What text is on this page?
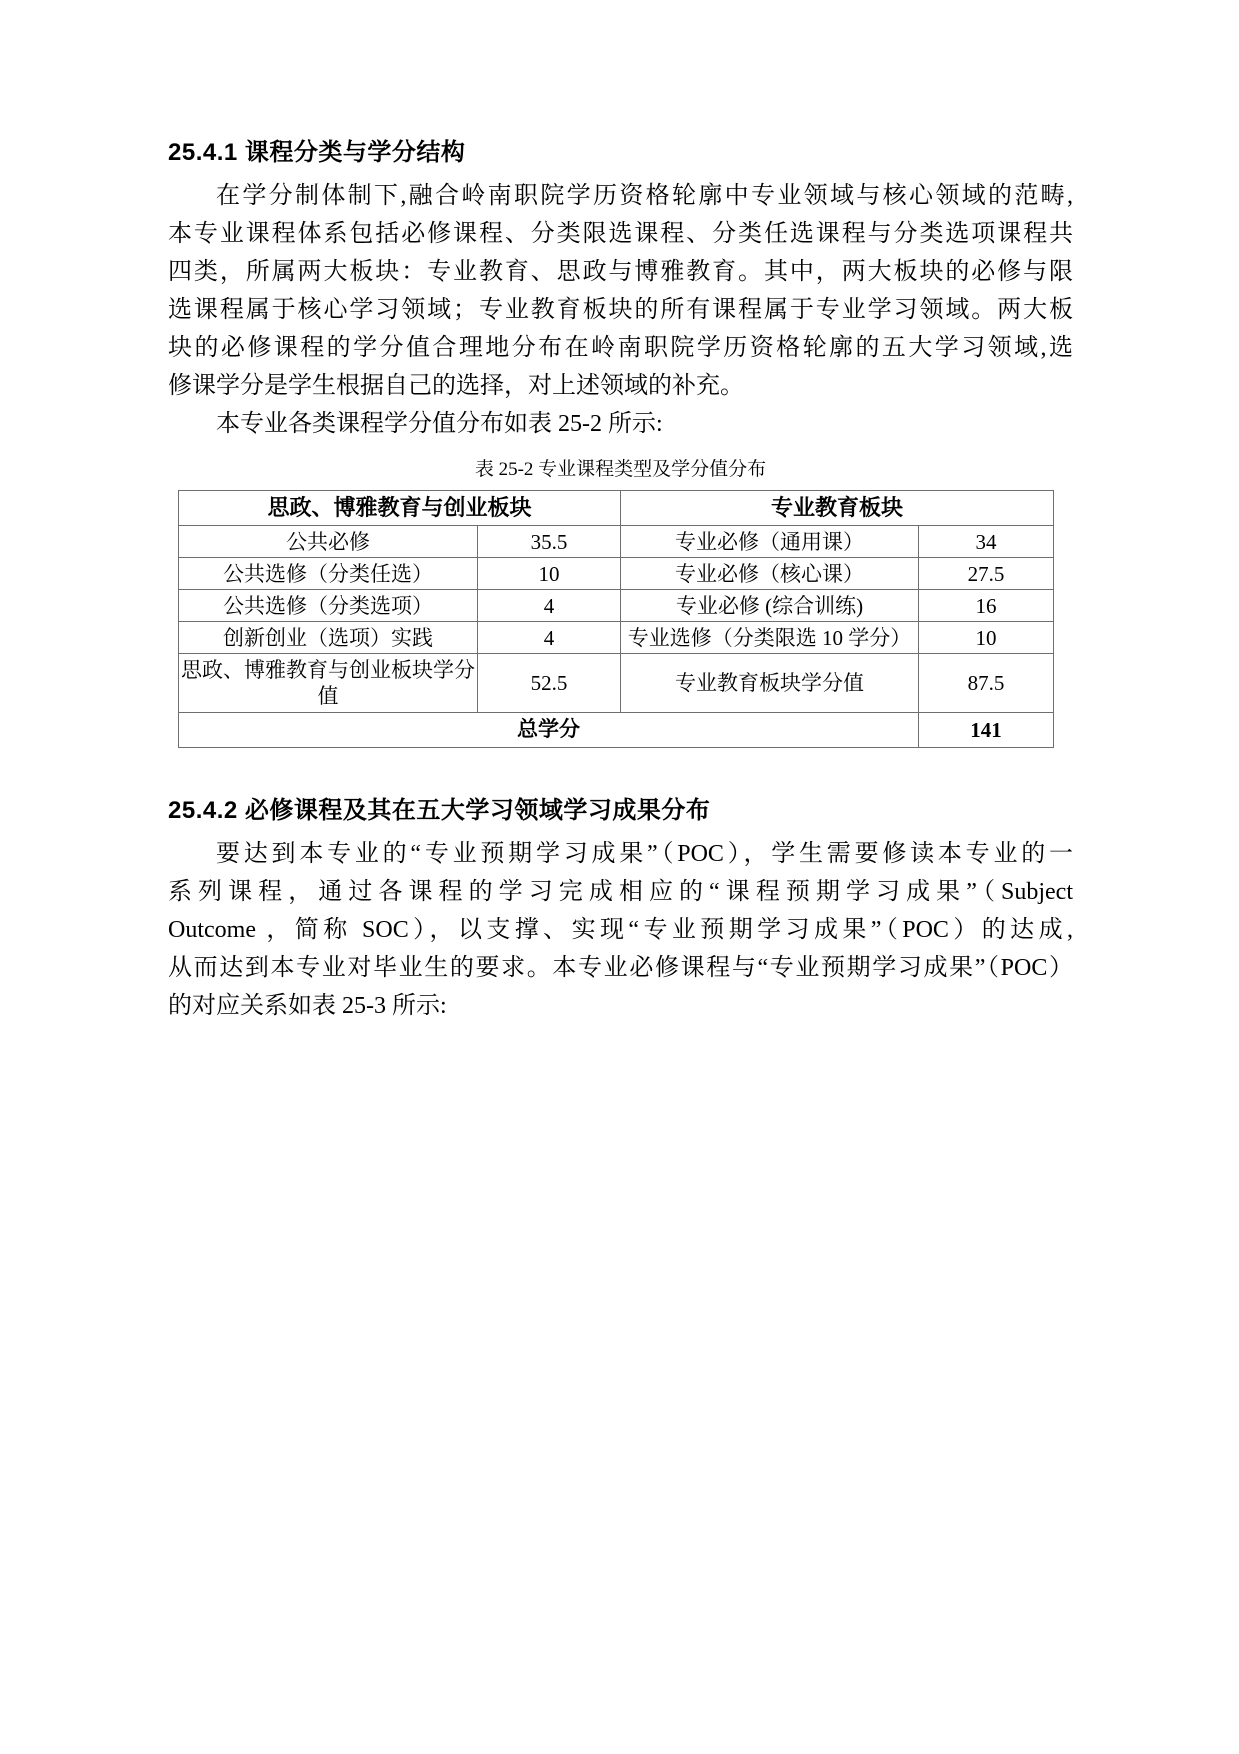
25.4.1 课程分类与学分结构
在学分制体制下,融合岭南职院学历资格轮廓中专业领域与核心领域的范畴,
本专业课程体系包括必修课程、分类限选课程、分类任选课程与分类选项课程共
四类，所属两大板块：专业教育、思政与博雅教育。其中，两大板块的必修与限
选课程属于核心学习领域；专业教育板块的所有课程属于专业学习领域。两大板
块的必修课程的学分值合理地分布在岭南职院学历资格轮廓的五大学习领域,选
修课学分是学生根据自己的选择，对上述领域的补充。
本专业各类课程学分值分布如表 25-2 所示:
表 25-2 专业课程类型及学分值分布
思政、博雅教育与创业板块		专业教育板块	
公共必修	35.5	专业必修（通用课）	34
公共选修（分类任选）	10	专业必修（核心课）	27.5
公共选修（分类选项）	4	专业必修 (综合训练)	16
创新创业（选项）实践	4	专业选修（分类限选 10 学分）	10
思政、博雅教育与创业板块学分值	52.5	专业教育板块学分值	87.5
总学分			141
25.4.2 必修课程及其在五大学习领域学习成果分布
要达到本专业的“专业预期学习成果”（POC），学生需要修读本专业的一
系列课程，通过各课程的学习完成相应的“课程预期学习成果”（Subject
Outcome ，简称 SOC），以支撑、实现“专业预期学习成果”（POC）的达成,
从而达到本专业对毕业生的要求。本专业必修课程与“专业预期学习成果”（POC）
的对应关系如表 25-3 所示:
